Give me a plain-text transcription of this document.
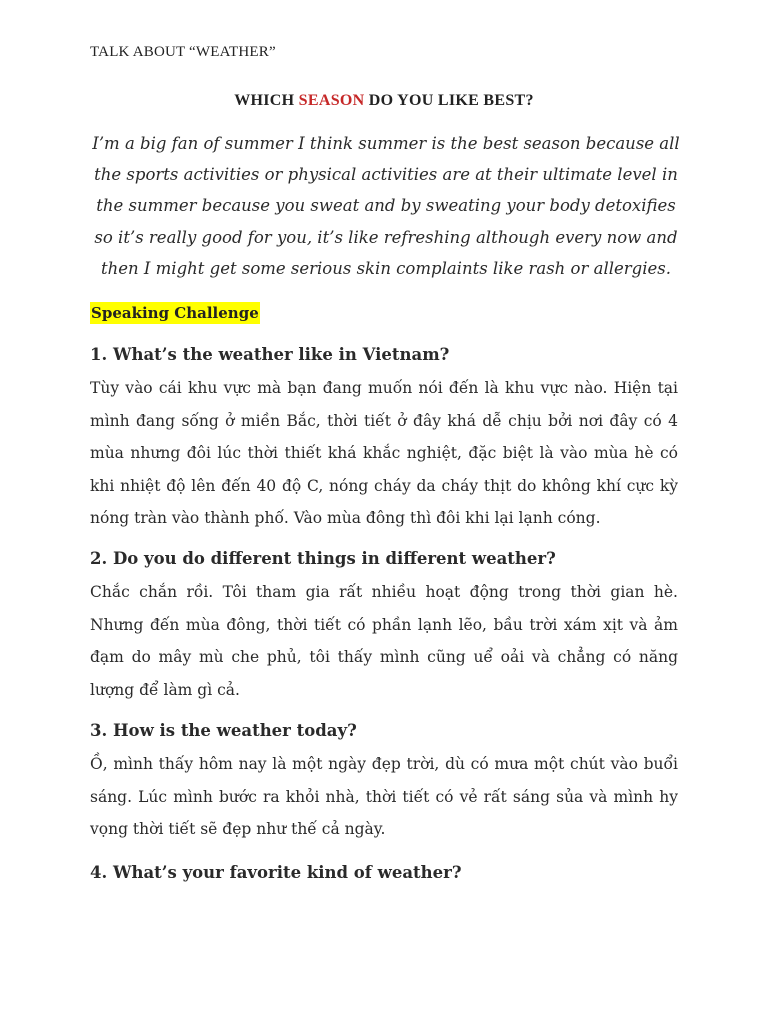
TALK ABOUT “WEATHER”
WHICH SEASON DO YOU LIKE BEST?
I’m a big fan of summer I think summer is the best season because all the sports activities or physical activities are at their ultimate level in the summer because you sweat and by sweating your body detoxifies so it’s really good for you, it’s like refreshing although every now and then I might get some serious skin complaints like rash or allergies.
Speaking Challenge

1. What’s the weather like in Vietnam?

Tùy vào cái khu vực mà bạn đang muốn nói đến là khu vực nào. Hiện tại mình đang sống ở miền Bắc, thời tiết ở đây khá dễ chịu bởi nơi đây có 4 mùa nhưng đôi lúc thời thiết khá khắc nghiệt, đặc biệt là vào mùa hè có khi nhiệt độ lên đến 40 độ C, nóng cháy da cháy thịt do không khí cực kỳ nóng tràn vào thành phố. Vào mùa đông thì đôi khi lại lạnh cóng.

2. Do you do different things in different weather?

Chắc chắn rồi. Tôi tham gia rất nhiều hoạt động trong thời gian hè. Nhưng đến mùa đông, thời tiết có phần lạnh lẽo, bầu trời xám xịt và ảm đạm do mây mù che phủ, tôi thấy mình cũng uể oải và chẳng có năng lượng để làm gì cả.

3. How is the weather today?

Ồ, mình thấy hôm nay là một ngày đẹp trời, dù có mưa một chút vào buổi sáng. Lúc mình bước ra khỏi nhà, thời tiết có vẻ rất sáng sủa và mình hy vọng thời tiết sẽ đẹp như thế cả ngày.

4. What’s your favorite kind of weather?
